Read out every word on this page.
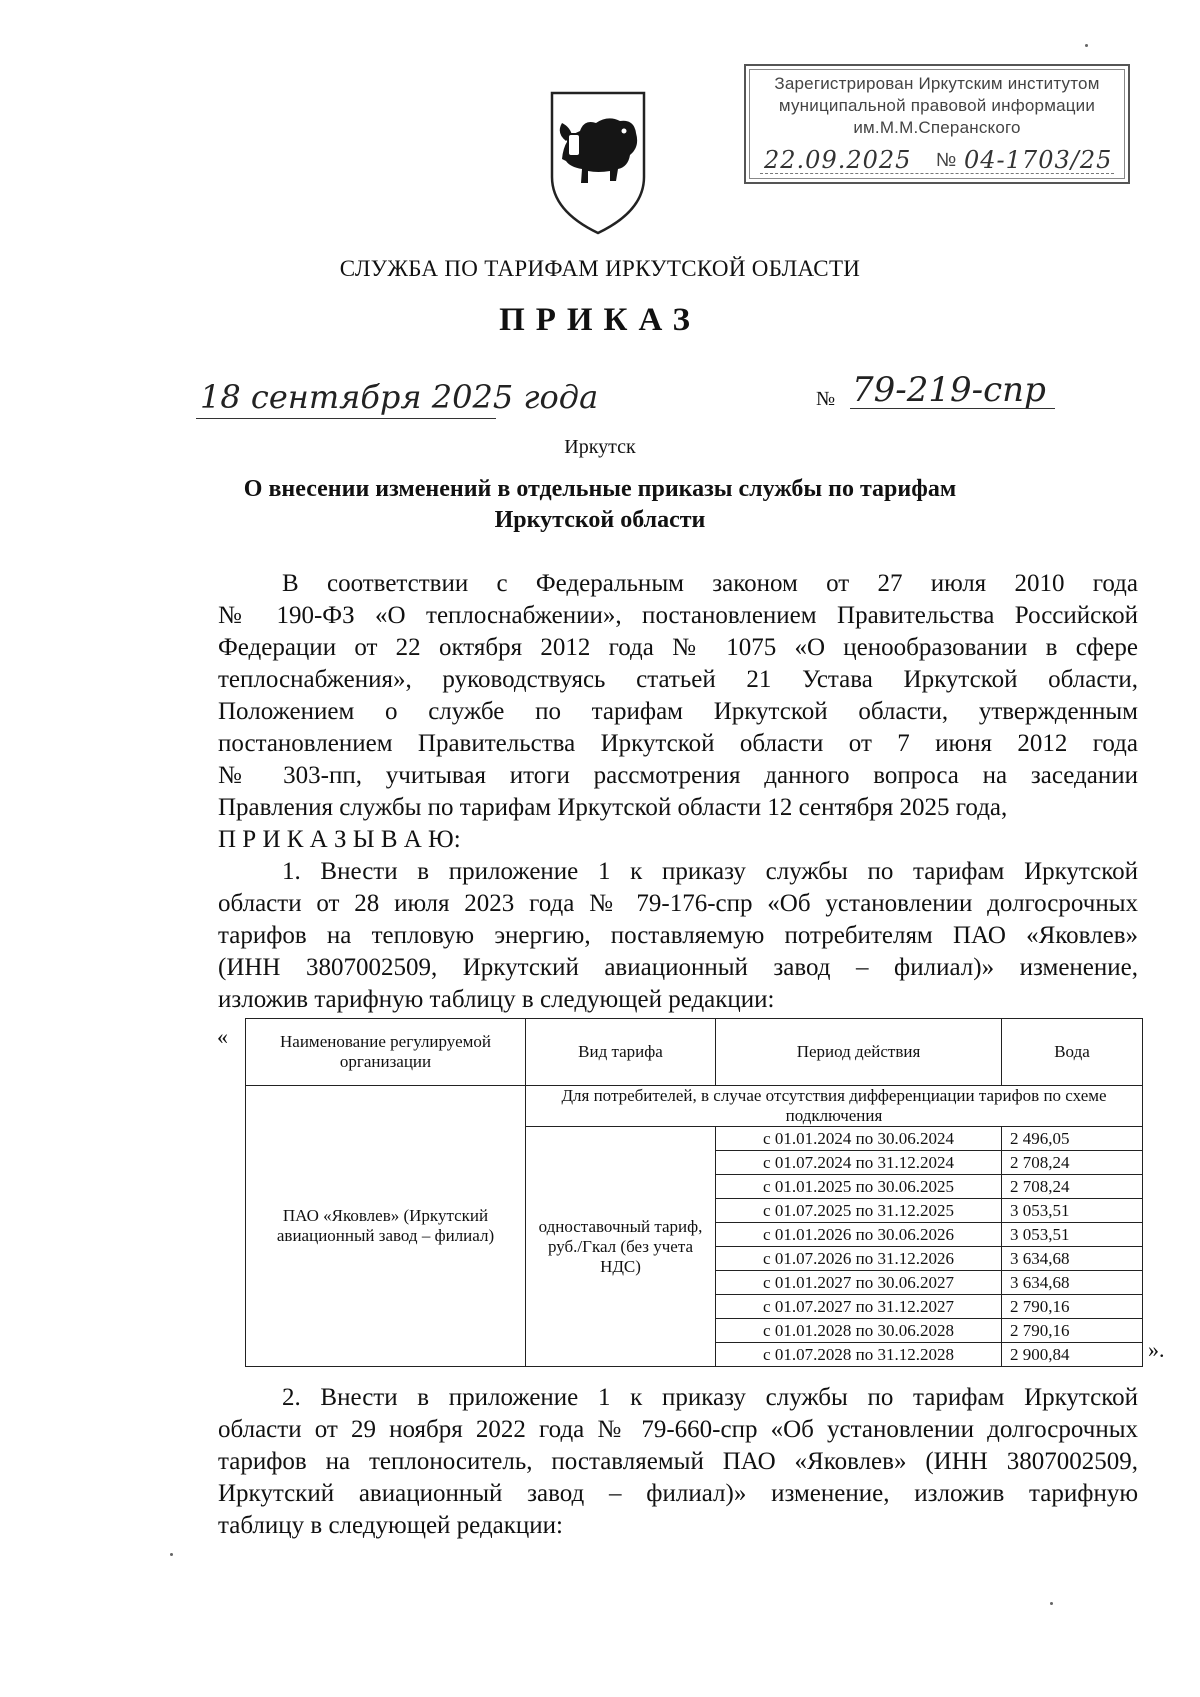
Зарегистрирован Иркутским институтом
муниципальной правовой информации
им.М.М.Сперанского
22.09.2025 № 04-1703/25
СЛУЖБА ПО ТАРИФАМ ИРКУТСКОЙ ОБЛАСТИ
ПРИКАЗ
18 сентября 2025 года	№ 79-219-спр
Иркутск
О внесении изменений в отдельные приказы службы по тарифам
Иркутской области
В соответствии с Федеральным законом от 27 июля 2010 года
№ 190-ФЗ «О теплоснабжении», постановлением Правительства Российской
Федерации от 22 октября 2012 года № 1075 «О ценообразовании в сфере
теплоснабжения», руководствуясь статьей 21 Устава Иркутской области,
Положением о службе по тарифам Иркутской области, утвержденным
постановлением Правительства Иркутской области от 7 июня 2012 года
№ 303-пп, учитывая итоги рассмотрения данного вопроса на заседании
Правления службы по тарифам Иркутской области 12 сентября 2025 года,
П Р И К А З Ы В А Ю:
1. Внести в приложение 1 к приказу службы по тарифам Иркутской
области от 28 июля 2023 года № 79-176-спр «Об установлении долгосрочных
тарифов на тепловую энергию, поставляемую потребителям ПАО «Яковлев»
(ИНН 3807002509, Иркутский авиационный завод – филиал)» изменение,
изложив тарифную таблицу в следующей редакции:
«	Наименование регулируемой организации	Вид тарифа	Период действия	Вода
ПАО «Яковлев» (Иркутский авиационный завод – филиал)	Для потребителей, в случае отсутствия дифференциации тарифов по схеме подключения		
	одноставочный тариф, руб./Гкал (без учета НДС)	с 01.01.2024 по 30.06.2024	2 496,05
		с 01.07.2024 по 31.12.2024	2 708,24
		с 01.01.2025 по 30.06.2025	2 708,24
		с 01.07.2025 по 31.12.2025	3 053,51
		с 01.01.2026 по 30.06.2026	3 053,51
		с 01.07.2026 по 31.12.2026	3 634,68
		с 01.01.2027 по 30.06.2027	3 634,68
		с 01.07.2027 по 31.12.2027	2 790,16
		с 01.01.2028 по 30.06.2028	2 790,16
		с 01.07.2028 по 31.12.2028	2 900,84	».
2. Внести в приложение 1 к приказу службы по тарифам Иркутской
области от 29 ноября 2022 года № 79-660-спр «Об установлении долгосрочных
тарифов на теплоноситель, поставляемый ПАО «Яковлев» (ИНН 3807002509,
Иркутский авиационный завод – филиал)» изменение, изложив тарифную
таблицу в следующей редакции:
